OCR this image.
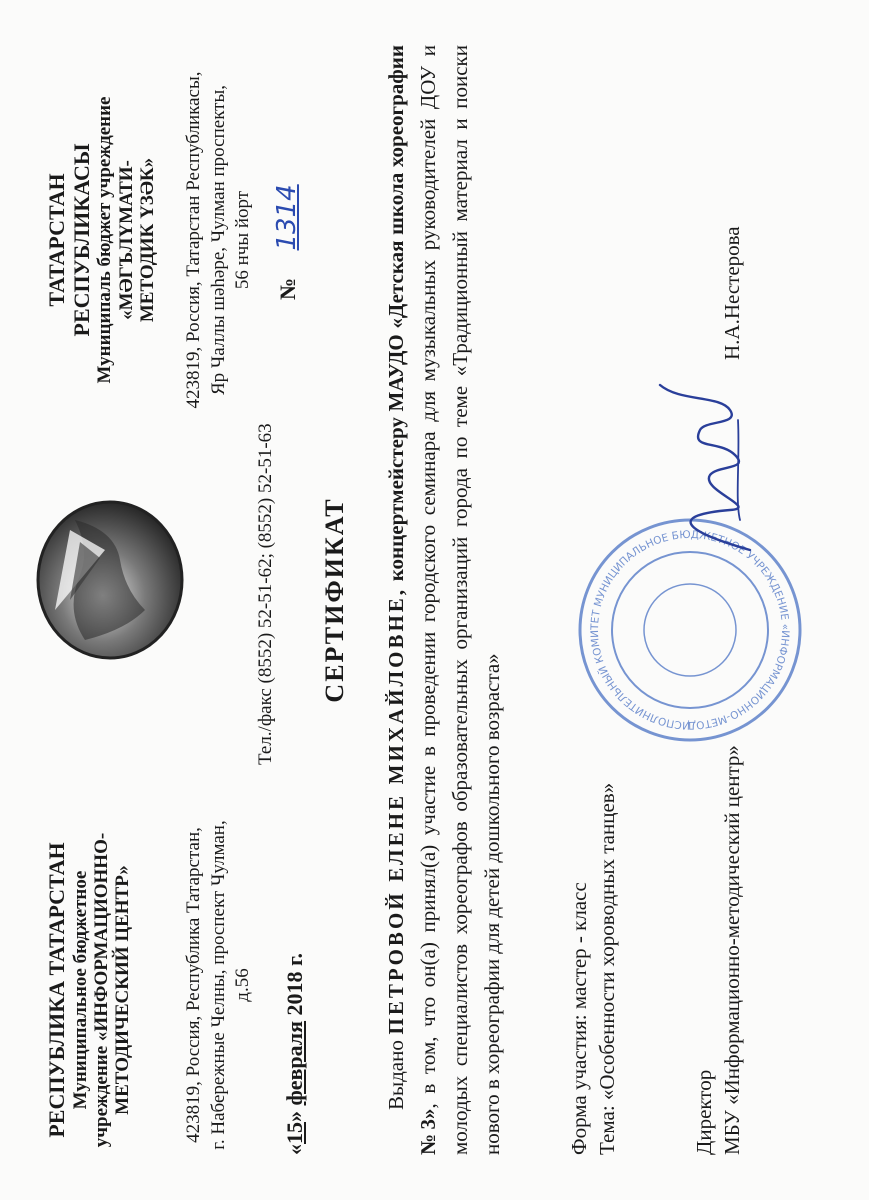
РЕСПУБЛИКА ТАТАРСТАН Муниципальное бюджетное учреждение «ИНФОРМАЦИОННО- МЕТОДИЧЕСКИЙ ЦЕНТР»	423819, Россия, Республика Татарстан, г. Набережные Челны, проспект Чулман, д.56
ТАТАРСТАН РЕСПУБЛИКАСЫ Муниципаль бюджет учреждение «МӘГЪЛҮМАТИ- МЕТОДИК ҮЗӘК» 423819, Россия, Татарстан Республикасы, Яр Чаллы шәһәре, Чулман проспекты, 56 нчы йорт
Тел./факс (8552) 52-51-62; (8552) 52-51-63
«15» февраля 2018 г.
№ 1314
СЕРТИФИКАТ
Выдано ПЕТРОВОЙ ЕЛЕНЕ МИХАЙЛОВНЕ, концертмейстеру МАУДО «Детская школа хореографии №3», в том, что он(а) принял(а) участие в проведении городского семинара для музыкальных руководителей ДОУ и молодых специалистов хореографов образовательных организаций города по теме «Традиционный материал и поиски нового в хореографии для детей дошкольного возраста»	Форма участия: мастер - класс Тема: «Особенности хороводных танцев»	Директор МБУ «Информационно-методический центр»
Н.А.Нестерова
ИСПОЛНИТЕЛЬНЫЙ КОМИТЕТ МУНИЦИПАЛЬНОЕ БЮДЖЕТНОЕ УЧРЕЖДЕНИЕ «ИНФОРМАЦИОННО-МЕТОД
